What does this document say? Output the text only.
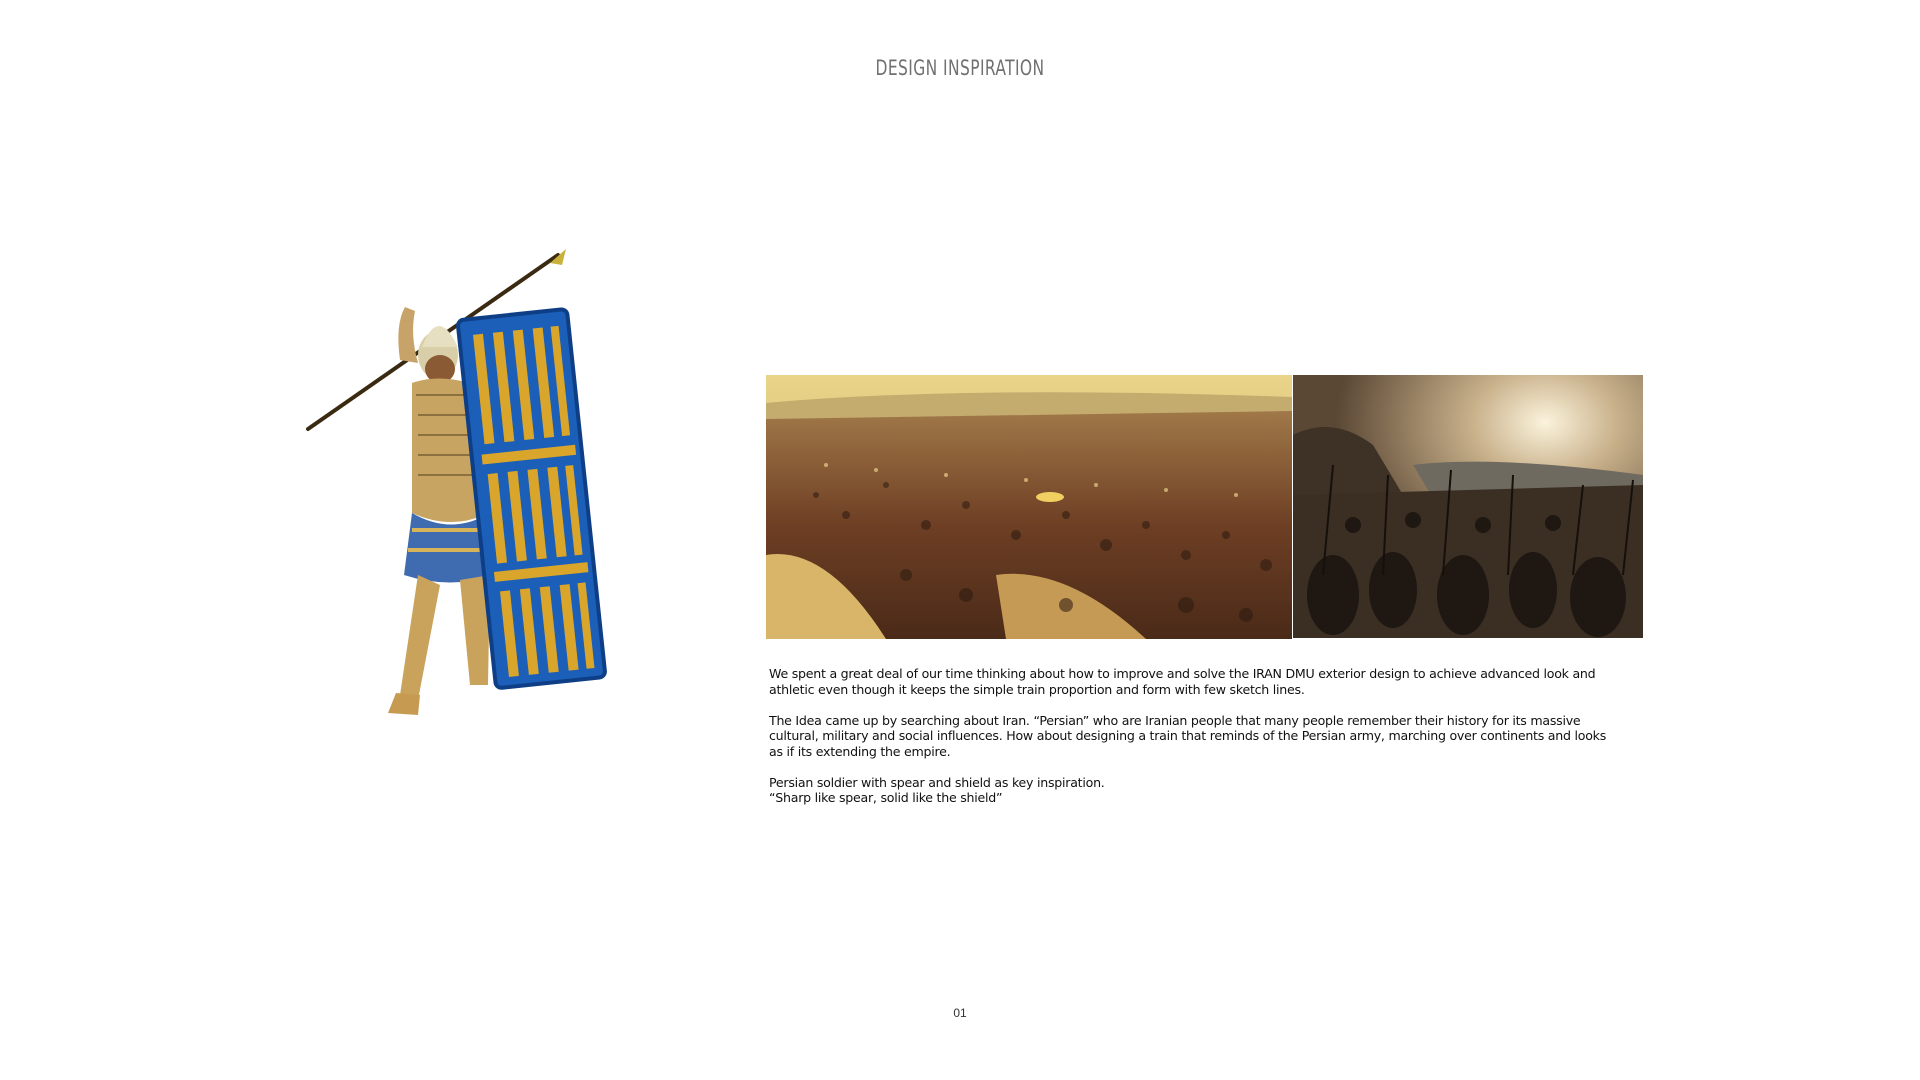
DESIGN INSPIRATION

We spent a great deal of our time thinking about how to improve and solve the IRAN DMU exterior design to achieve advanced look and athletic even though it keeps the simple train proportion and form with few sketch lines.

The Idea came up by searching about Iran. “Persian” who are Iranian people that many people remember their history for its massive cultural, military and social influences. How about designing a train that reminds of the Persian army, marching over continents and looks as if its extending the empire.

Persian soldier with spear and shield as key inspiration.
“Sharp like spear, solid like the shield”
01
